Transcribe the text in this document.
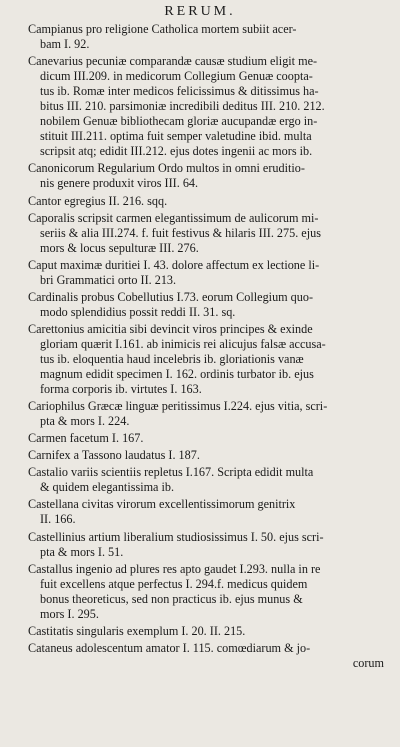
RERUM.
Campianus pro religione Catholica mortem subiit acer-
bam I. 92.
Canevarius pecuniæ comparandæ causæ studium eligit me-
dicum III.209. in medicorum Collegium Genuæ coopta-
tus ib. Romæ inter medicos felicissimus & ditissimus ha-
bitus III. 210. parsimoniæ incredibili deditus III. 210. 212.
nobilem Genuæ bibliothecam gloriæ aucupandæ ergo in-
stituit III.211. optima fuit semper valetudine ibid. multa
scripsit atq; edidit III.212. ejus dotes ingenii ac mors ib.
Canonicorum Regularium Ordo multos in omni eruditio-
nis genere produxit viros III. 64.
Cantor egregius II. 216. sqq.
Caporalis scripsit carmen elegantissimum de aulicorum mi-
seriis & alia III.274. f. fuit festivus & hilaris III. 275. ejus
mors & locus sepulturæ III. 276.
Caput maximæ duritiei I. 43. dolore affectum ex lectione li-
bri Grammatici orto II. 213.
Cardinalis probus Cobellutius I.73. eorum Collegium quo-
modo splendidius possit reddi II. 31. sq.
Carettonius amicitia sibi devincit viros principes & exinde
gloriam quærit I.161. ab inimicis rei alicujus falsæ accusa-
tus ib. eloquentia haud incelebris ib. gloriationis vanæ
magnum edidit specimen I. 162. ordinis turbator ib. ejus
forma corporis ib. virtutes I. 163.
Cariophilus Græcæ linguæ peritissimus I.224. ejus vitia, scri-
pta & mors I. 224.
Carmen facetum I. 167.
Carnifex a Tassono laudatus I. 187.
Castalio variis scientiis repletus I.167. Scripta edidit multa
& quidem elegantissima ib.
Castellana civitas virorum excellentissimorum genitrix
II. 166.
Castellinius artium liberalium studiosissimus I. 50. ejus scri-
pta & mors I. 51.
Castallus ingenio ad plures res apto gaudet I.293. nulla in re
fuit excellens atque perfectus I. 294.f. medicus quidem
bonus theoreticus, sed non practicus ib. ejus munus &
mors I. 295.
Castitatis singularis exemplum I. 20. II. 215.
Cataneus adolescentum amator I. 115. comœdiarum & jo-
corum
